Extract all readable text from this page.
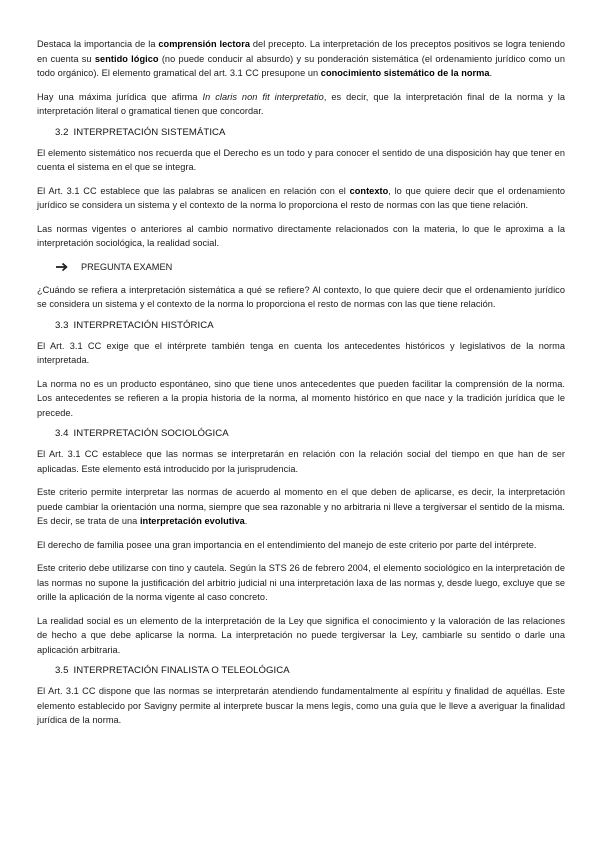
Destaca la importancia de la comprensión lectora del precepto. La interpretación de los preceptos positivos se logra teniendo en cuenta su sentido lógico (no puede conducir al absurdo) y su ponderación sistemática (el ordenamiento jurídico como un todo orgánico). El elemento gramatical del art. 3.1 CC presupone un conocimiento sistemático de la norma.

Hay una máxima jurídica que afirma In claris non fit interpretatio, es decir, que la interpretación final de la norma y la interpretación literal o gramatical tienen que concordar.

3.2 INTERPRETACIÓN SISTEMÁTICA

El elemento sistemático nos recuerda que el Derecho es un todo y para conocer el sentido de una disposición hay que tener en cuenta el sistema en el que se integra.

El Art. 3.1 CC establece que las palabras se analicen en relación con el contexto, lo que quiere decir que el ordenamiento jurídico se considera un sistema y el contexto de la norma lo proporciona el resto de normas con las que tiene relación.

Las normas vigentes o anteriores al cambio normativo directamente relacionados con la materia, lo que le aproxima a la interpretación sociológica, la realidad social.

PREGUNTA EXAMEN

¿Cuándo se refiera a interpretación sistemática a qué se refiere? Al contexto, lo que quiere decir que el ordenamiento jurídico se considera un sistema y el contexto de la norma lo proporciona el resto de normas con las que tiene relación.

3.3 INTERPRETACIÓN HISTÓRICA

El Art. 3.1 CC exige que el intérprete también tenga en cuenta los antecedentes históricos y legislativos de la norma interpretada.

La norma no es un producto espontáneo, sino que tiene unos antecedentes que pueden facilitar la comprensión de la norma. Los antecedentes se refieren a la propia historia de la norma, al momento histórico en que nace y la tradición jurídica que le precede.

3.4 INTERPRETACIÓN SOCIOLÓGICA

El Art. 3.1 CC establece que las normas se interpretarán en relación con la relación social del tiempo en que han de ser aplicadas. Este elemento está introducido por la jurisprudencia.

Este criterio permite interpretar las normas de acuerdo al momento en el que deben de aplicarse, es decir, la interpretación puede cambiar la orientación una norma, siempre que sea razonable y no arbitraria ni lleve a tergiversar el sentido de la misma. Es decir, se trata de una interpretación evolutiva.

El derecho de familia posee una gran importancia en el entendimiento del manejo de este criterio por parte del intérprete.

Este criterio debe utilizarse con tino y cautela. Según la STS 26 de febrero 2004, el elemento sociológico en la interpretación de las normas no supone la justificación del arbitrio judicial ni una interpretación laxa de las normas y, desde luego, excluye que se orille la aplicación de la norma vigente al caso concreto.

La realidad social es un elemento de la interpretación de la Ley que significa el conocimiento y la valoración de las relaciones de hecho a que debe aplicarse la norma. La interpretación no puede tergiversar la Ley, cambiarle su sentido o darle una aplicación arbitraria.

3.5 INTERPRETACIÓN FINALISTA O TELEOLÓGICA

El Art. 3.1 CC dispone que las normas se interpretarán atendiendo fundamentalmente al espíritu y finalidad de aquéllas. Este elemento establecido por Savigny permite al interprete buscar la mens legis, como una guía que le lleve a averiguar la finalidad jurídica de la norma.
